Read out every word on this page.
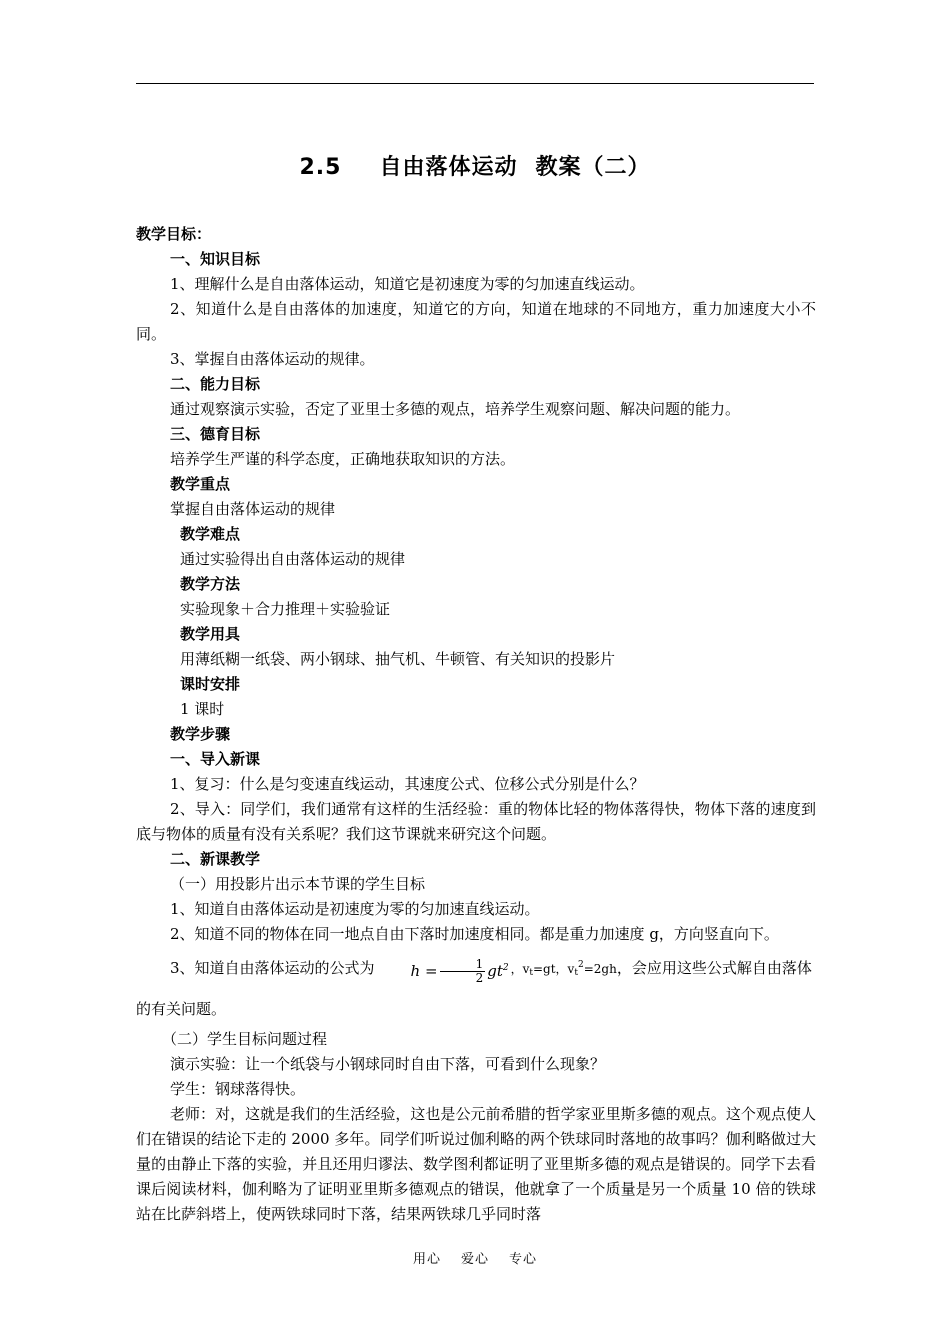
2.5 自由落体运动 教案（二）

教学目标：

一、知识目标

1、理解什么是自由落体运动，知道它是初速度为零的匀加速直线运动。

2、知道什么是自由落体的加速度，知道它的方向，知道在地球的不同地方，重力加速度大小不同。

3、掌握自由落体运动的规律。

二、能力目标

通过观察演示实验，否定了亚里士多德的观点，培养学生观察问题、解决问题的能力。

三、德育目标

培养学生严谨的科学态度，正确地获取知识的方法。

教学重点

掌握自由落体运动的规律

教学难点

通过实验得出自由落体运动的规律

教学方法

实验现象＋合力推理＋实验验证

教学用具

用薄纸糊一纸袋、两小钢球、抽气机、牛顿管、有关知识的投影片

课时安排

1 课时

教学步骤

一、导入新课

1、复习：什么是匀变速直线运动，其速度公式、位移公式分别是什么？

2、导入：同学们，我们通常有这样的生活经验：重的物体比轻的物体落得快，物体下落的速度到底与物体的质量有没有关系呢？我们这节课就来研究这个问题。

二、新课教学

（一）用投影片出示本节课的学生目标

1、知道自由落体运动是初速度为零的匀加速直线运动。

2、知道不同的物体在同一地点自由下落时加速度相同。都是重力加速度 g，方向竖直向下。

3、知道自由落体运动的公式为 $h = \frac{1}{2} gt^2$ ，$v_t=gt$，$v_t^2=2gh$，会应用这些公式解自由落体的有关问题。

（二）学生目标问题过程

演示实验：让一个纸袋与小钢球同时自由下落，可看到什么现象？

学生：钢球落得快。

老师：对，这就是我们的生活经验，这也是公元前希腊的哲学家亚里斯多德的观点。这个观点使人们在错误的结论下走的 2000 多年。同学们听说过伽利略的两个铁球同时落地的故事吗？伽利略做过大量的由静止下落的实验，并且还用归谬法、数学图利都证明了亚里斯多德的观点是错误的。同学下去看课后阅读材料，伽利略为了证明亚里斯多德观点的错误，他就拿了一个质量是另一个质量 10 倍的铁球站在比萨斜塔上，使两铁球同时下落，结果两铁球几乎同时落

用心 爱心 专心
